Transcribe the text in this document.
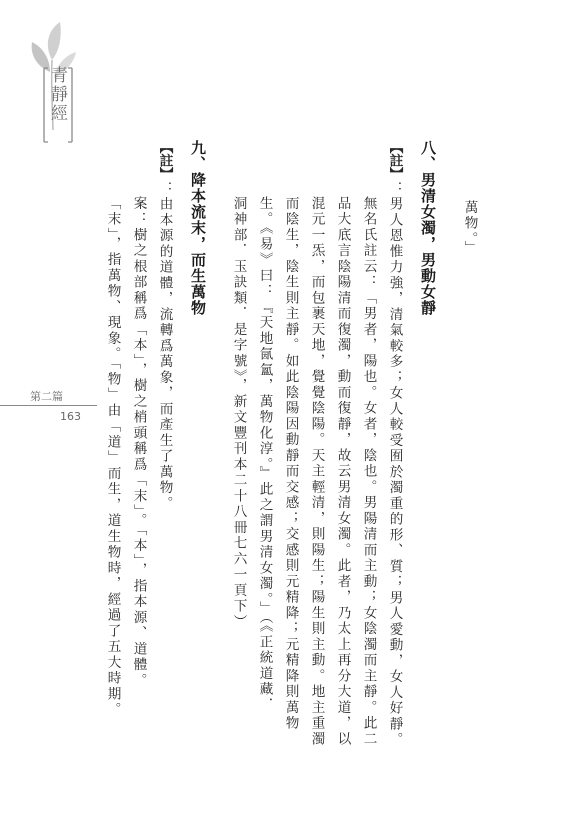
青靜經
萬物。」
八、男清女濁，男動女靜
【註】：男人恩惟力強，清氣較多；女人較受囿於濁重的形、質；男人愛動，女人好靜。
無名氏註云：「男者，陽也。女者，陰也。男陽清而主動；女陰濁而主靜。此二
品大底言陰陽清而復濁，動而復靜，故云男清女濁。此者，乃太上再分大道，以
混元一炁，而包裹天地，覺覺陰陽。天主輕清，則陽生；陽生則主動。地主重濁
而陰生，陰生則主靜。如此陰陽因動靜而交感；交感則元精降；元精降則萬物
生。《易》曰：『天地氤氳，萬物化淳。』此之謂男清女濁。」（《正統道藏．
洞神部．玉訣類．是字號》，新文豐刊本二十八冊七六一頁下）
九、降本流末，而生萬物
【註】：由本源的道體，流轉爲萬象，而產生了萬物。
案：樹之根部稱爲「本」，樹之梢頭稱爲「末」。「本」，指本源、道體。
「末」，指萬物、現象。「物」由「道」而生，道生物時，經過了五大時期。
第二篇
163
